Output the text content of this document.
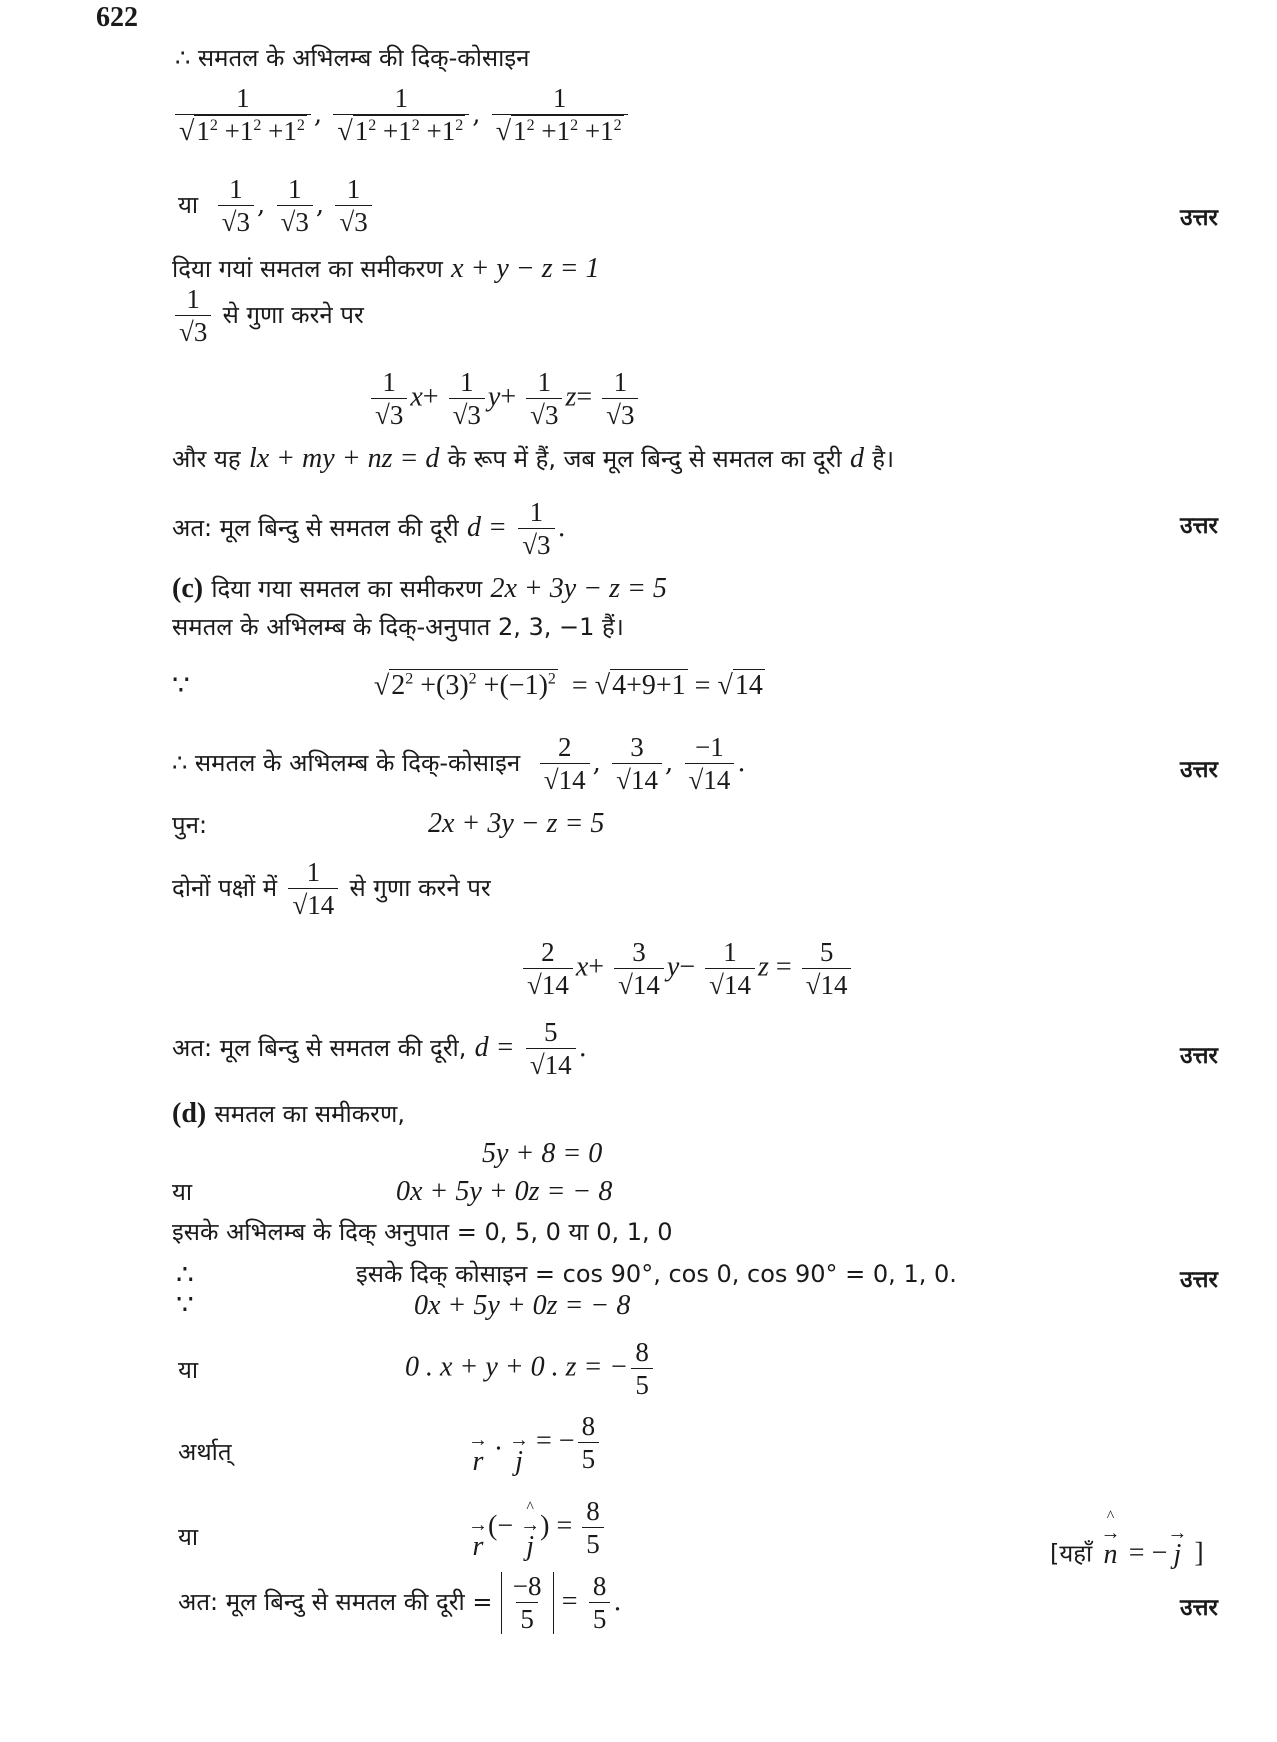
622
∴ समतल के अभिलम्ब की दिक्-कोसाइन
$\frac{1}{√1^2 +1^2 +1^2}$ , $\frac{1}{√1^2 +1^2 +1^2}$ , $\frac{1}{√1^2 +1^2 +1^2}$
या $\frac{1}{√3}$ , $\frac{1}{√3}$ , $\frac{1}{√3}$	उत्तर
दिया गयां समतल का समीकरण x + y − z = 1
$\frac{1}{√3}$ से गुणा करने पर
$\frac{1}{√3} x+ \frac{1}{√3} y+ \frac{1}{√3} z= \frac{1}{√3}$
और यह lx + my + nz = d के रूप में हैं, जब मूल बिन्दु से समतल का दूरी d है।
अत: मूल बिन्दु से समतल की दूरी $d = \frac{1}{√3}$ .	उत्तर
(c) दिया गया समतल का समीकरण 2x + 3y − z = 5
समतल के अभिलम्ब के दिक्-अनुपात 2, 3, −1 हैं।
∵	$√2^2 +(3)^2 +(-1)^2 = √4+9+1 = √14$
∴ समतल के अभिलम्ब के दिक्-कोसाइन $\frac{2}{√14}$ , $\frac{3}{√14}$ , $\frac{-1}{√14}$ .	उत्तर
पुन:	2x + 3y − z = 5
दोनों पक्षों में $\frac{1}{√14}$ से गुणा करने पर
$\frac{2}{√14} x+ \frac{3}{√14} y- \frac{1}{√14}$ $z = \frac{5}{√14}$
अत: मूल बिन्दु से समतल की दूरी, $d = \frac{5}{√14}$ .	उत्तर
(d) समतल का समीकरण,
5y + 8 = 0
या	0x + 5y + 0z = − 8
इसके अभिलम्ब के दिक् अनुपात = 0, 5, 0 या 0, 1, 0
∴	इसके दिक् कोसाइन = cos 90°, cos 0, cos 90° = 0, 1, 0.	उत्तर
∵	0x + 5y + 0z = − 8
या	0 . x + y + 0 . z = − $\frac{8}{5}$
अर्थात्	→
r
. →
j
= − $\frac{8}{5}$
या	→
r
(−
^
→
j
) = $\frac{8}{5}$	[यहाँ
^
→
n = −
→
j ]
अत: मूल बिन्दु से समतल की दूरी = $\frac{-8}{5} = \frac{8}{5}$ .	उत्तर
